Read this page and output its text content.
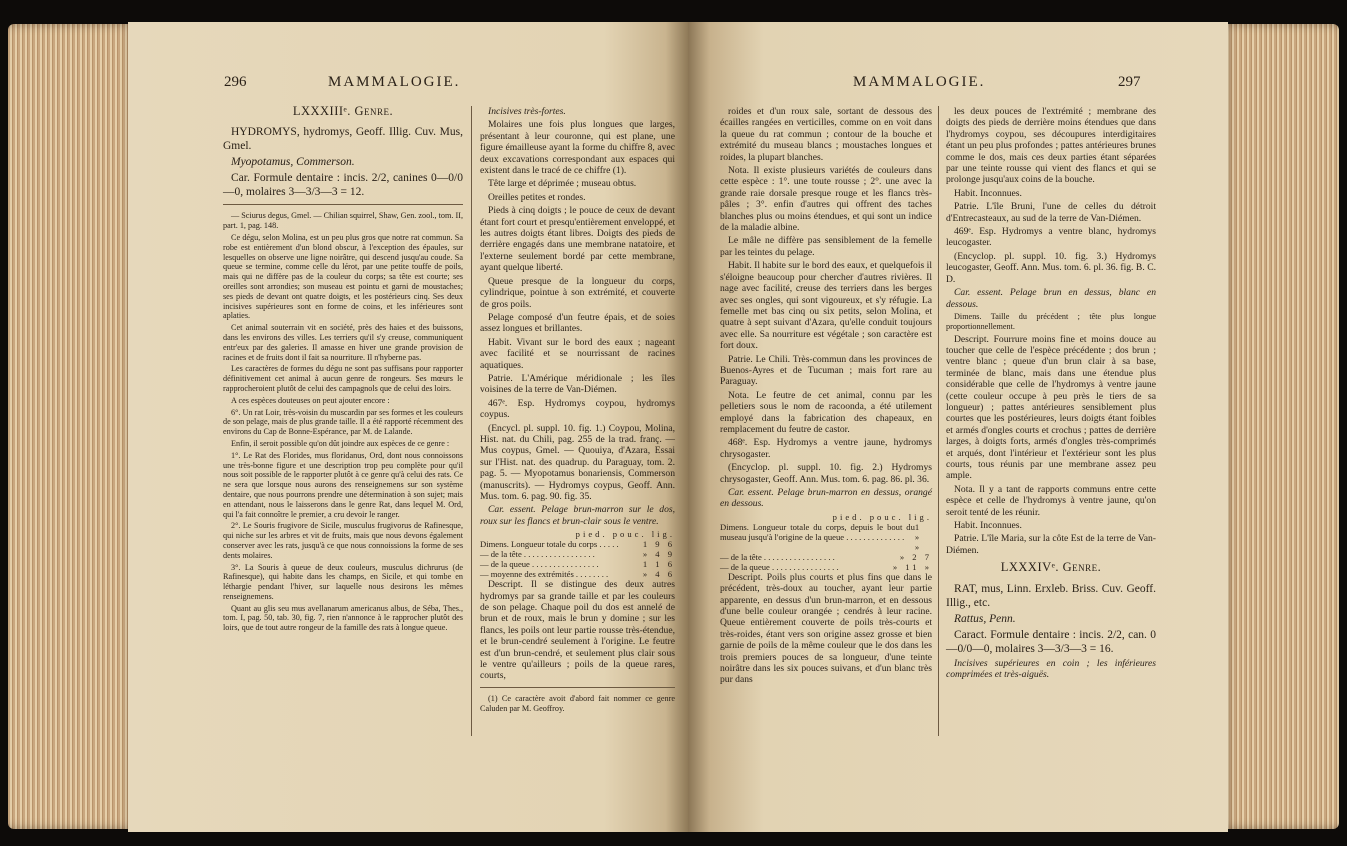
296	MAMMALOGIE.
LXXXIIIᵉ. Genre.

HYDROMYS, hydromys, Geoff. Illig. Cuv. Mus, Gmel.

Myopotamus, Commerson.

Car. Formule dentaire : incis. 2/2, canines 0—0/0—0, molaires 3—3/3—3 = 12.

— Sciurus degus, Gmel. — Chilian squirrel, Shaw, Gen. zool., tom. II, part. 1, pag. 148.

Ce dégu, selon Molina, est un peu plus gros que notre rat commun. Sa robe est entièrement d'un blond obscur, à l'exception des épaules, sur lesquelles on observe une ligne noirâtre, qui descend jusqu'au coude. Sa queue se termine, comme celle du lérot, par une petite touffe de poils, mais qui ne diffère pas de la couleur du corps; sa tête est courte; ses oreilles sont arrondies; son museau est pointu et garni de moustaches; ses pieds de devant ont quatre doigts, et les postérieurs cinq. Ses deux incisives supérieures sont en forme de coins, et les inférieures sont aplaties.

Cet animal souterrain vit en société, près des haies et des buissons, dans les environs des villes. Les terriers qu'il s'y creuse, communiquent entr'eux par des galeries. Il amasse en hiver une grande provision de racines et de fruits dont il fait sa nourriture. Il n'hyberne pas.

Les caractères de formes du dégu ne sont pas suffisans pour rapporter définitivement cet animal à aucun genre de rongeurs. Ses mœurs le rapprocheroient plutôt de celui des campagnols que de celui des loirs.

A ces espèces douteuses on peut ajouter encore :

6°. Un rat Loir, très-voisin du muscardin par ses formes et les couleurs de son pelage, mais de plus grande taille. Il a été rapporté récemment des environs du Cap de Bonne-Espérance, par M. de Lalande.

Enfin, il seroit possible qu'on dût joindre aux espèces de ce genre :

1°. Le Rat des Florides, mus floridanus, Ord, dont nous connoissons une très-bonne figure et une description trop peu complète pour qu'il nous soit possible de le rapporter plutôt à ce genre qu'à celui des rats. Ce ne sera que lorsque nous aurons des renseignemens sur son système dentaire, que nous pourrons prendre une détermination à son sujet; mais en attendant, nous le laisserons dans le genre Rat, dans lequel M. Ord, qui l'a fait connoître le premier, a cru devoir le ranger.

2°. Le Souris frugivore de Sicile, musculus frugivorus de Rafinesque, qui niche sur les arbres et vit de fruits, mais que nous devons également conserver avec les rats, jusqu'à ce que nous connoissions la forme de ses dents molaires.

3°. La Souris à queue de deux couleurs, musculus dichrurus (de Rafinesque), qui habite dans les champs, en Sicile, et qui tombe en léthargie pendant l'hiver, sur laquelle nous desirons les mêmes renseignemens.

Quant au glis seu mus avellanarum americanus albus, de Séba, Thes., tom. I, pag. 50, tab. 30, fig. 7, rien n'annonce à le rapprocher plutôt des loirs, que de tout autre rongeur de la famille des rats à longue queue.

Incisives très-fortes.

Molaires une fois plus longues que larges, présentant à leur couronne, qui est plane, une figure émailleuse ayant la forme du chiffre 8, avec deux excavations correspondant aux espaces qui existent dans le tracé de ce chiffre (1).

Tête large et déprimée ; museau obtus.

Oreilles petites et rondes.

Pieds à cinq doigts ; le pouce de ceux de devant étant fort court et presqu'entièrement enveloppé, et les autres doigts étant libres. Doigts des pieds de derrière engagés dans une membrane natatoire, et l'externe seulement bordé par cette membrane, ayant quelque liberté.

Queue presque de la longueur du corps, cylindrique, pointue à son extrémité, et couverte de gros poils.

Pelage composé d'un feutre épais, et de soies assez longues et brillantes.

Habit. Vivant sur le bord des eaux ; nageant avec facilité et se nourrissant de racines aquatiques.

Patrie. L'Amérique méridionale ; les îles voisines de la terre de Van-Diémen.

467ᵉ. Esp. Hydromys coypou, hydromys coypus.

(Encycl. pl. suppl. 10. fig. 1.) Coypou, Molina, Hist. nat. du Chili, pag. 255 de la trad. franç. — Mus coypus, Gmel. — Quouiya, d'Azara, Essai sur l'Hist. nat. des quadrup. du Paraguay, tom. 2. pag. 5. — Myopotamus bonariensis, Commerson (manuscrits). — Hydromys coypus, Geoff. Ann. Mus. tom. 6. pag. 90. fig. 35.

Car. essent. Pelage brun-marron sur le dos, roux sur les flancs et brun-clair sous le ventre.

pied. pouc. lig.
Dimens. Longueur totale du corps . . . . .	1 9 6
— de la tête . . . . . . . . . . . . . . . . .	» 4 9
— de la queue . . . . . . . . . . . . . . . .	1 1 6
— moyenne des extrémités . . . . . . . .	» 4 6

Descript. Il se distingue des deux autres hydromys par sa grande taille et par les couleurs de son pelage. Chaque poil du dos est annelé de brun et de roux, mais le brun y domine ; sur les flancs, les poils ont leur partie rousse très-étendue, et le brun-cendré seulement à l'origine. Le feutre est d'un brun-cendré, et seulement plus clair sous le ventre qu'ailleurs ; poils de la queue rares, courts,

(1) Ce caractère avoit d'abord fait nommer ce genre Caluden par M. Geoffroy.

MAMMALOGIE.	297

roides et d'un roux sale, sortant de dessous des écailles rangées en verticilles, comme on en voit dans la queue du rat commun ; contour de la bouche et extrémité du museau blancs ; moustaches longues et roides, la plupart blanches.

Nota. Il existe plusieurs variétés de couleurs dans cette espèce : 1°. une toute rousse ; 2°. une avec la grande raie dorsale presque rouge et les flancs très-pâles ; 3°. enfin d'autres qui offrent des taches blanches plus ou moins étendues, et qui sont un indice de la maladie albine.

Le mâle ne diffère pas sensiblement de la femelle par les teintes du pelage.

Habit. Il habite sur le bord des eaux, et quelquefois il s'éloigne beaucoup pour chercher d'autres rivières. Il nage avec facilité, creuse des terriers dans les berges avec ses ongles, qui sont vigoureux, et s'y réfugie. La femelle met bas cinq ou six petits, selon Molina, et quatre à sept suivant d'Azara, qu'elle conduit toujours avec elle. Sa nourriture est végétale ; son caractère est fort doux.

Patrie. Le Chili. Très-commun dans les provinces de Buenos-Ayres et de Tucuman ; mais fort rare au Paraguay.

Nota. Le feutre de cet animal, connu par les pelletiers sous le nom de racoonda, a été utilement employé dans la fabrication des chapeaux, en remplacement du feutre de castor.

468ᵉ. Esp. Hydromys a ventre jaune, hydromys chrysogaster.

(Encyclop. pl. suppl. 10. fig. 2.) Hydromys chrysogaster, Geoff. Ann. Mus. tom. 6. pag. 86. pl. 36.

Car. essent. Pelage brun-marron en dessus, orangé en dessous.

pied. pouc. lig.
Dimens. Longueur totale du corps, depuis le bout du museau jusqu'à l'origine de la queue . . . . . . . . . . . . . .
1 » »
— de la tête . . . . . . . . . . . . . . . . .	» 2 7
— de la queue . . . . . . . . . . . . . . . .	» 11 »

Descript. Poils plus courts et plus fins que dans le précédent, très-doux au toucher, ayant leur partie apparente, en dessus d'un brun-marron, et en dessous d'une belle couleur orangée ; cendrés à leur racine. Queue entièrement couverte de poils très-courts et très-roides, étant vers son origine assez grosse et bien garnie de poils de la même couleur que le dos dans les trois premiers pouces de sa longueur, d'une teinte noirâtre dans les six pouces suivans, et d'un blanc très pur dans

les deux pouces de l'extrémité ; membrane des doigts des pieds de derrière moins étendues que dans l'hydromys coypou, ses découpures interdigitaires étant un peu plus profondes ; pattes antérieures brunes comme le dos, mais ces deux parties étant séparées par une teinte rousse qui vient des flancs et qui se prolonge jusqu'aux coins de la bouche.

Habit. Inconnues.

Patrie. L'île Bruni, l'une de celles du détroit d'Entrecasteaux, au sud de la terre de Van-Diémen.

469ᵉ. Esp. Hydromys a ventre blanc, hydromys leucogaster.

(Encyclop. pl. suppl. 10. fig. 3.) Hydromys leucogaster, Geoff. Ann. Mus. tom. 6. pl. 36. fig. B. C. D.

Car. essent. Pelage brun en dessus, blanc en dessous.

Dimens. Taille du précédent ; tête plus longue proportionnellement.

Descript. Fourrure moins fine et moins douce au toucher que celle de l'espèce précédente ; dos brun ; ventre blanc ; queue d'un brun clair à sa base, terminée de blanc, mais dans une étendue plus considérable que celle de l'hydromys à ventre jaune (cette couleur occupe à peu près le tiers de sa longueur) ; pattes antérieures sensiblement plus courtes que les postérieures, leurs doigts étant foibles et armés d'ongles courts et crochus ; pattes de derrière larges, à doigts forts, armés d'ongles très-comprimés et arqués, dont l'intérieur et l'extérieur sont les plus courts, tous réunis par une membrane assez peu ample.

Nota. Il y a tant de rapports communs entre cette espèce et celle de l'hydromys à ventre jaune, qu'on seroit tenté de les réunir.

Habit. Inconnues.

Patrie. L'île Maria, sur la côte Est de la terre de Van-Diémen.

LXXXIVᵉ. Genre.

RAT, mus, Linn. Erxleb. Briss. Cuv. Geoff. Illig., etc.

Rattus, Penn.

Caract. Formule dentaire : incis. 2/2, can. 0—0/0—0, molaires 3—3/3—3 = 16.

Incisives supérieures en coin ; les inférieures comprimées et très-aiguës.
